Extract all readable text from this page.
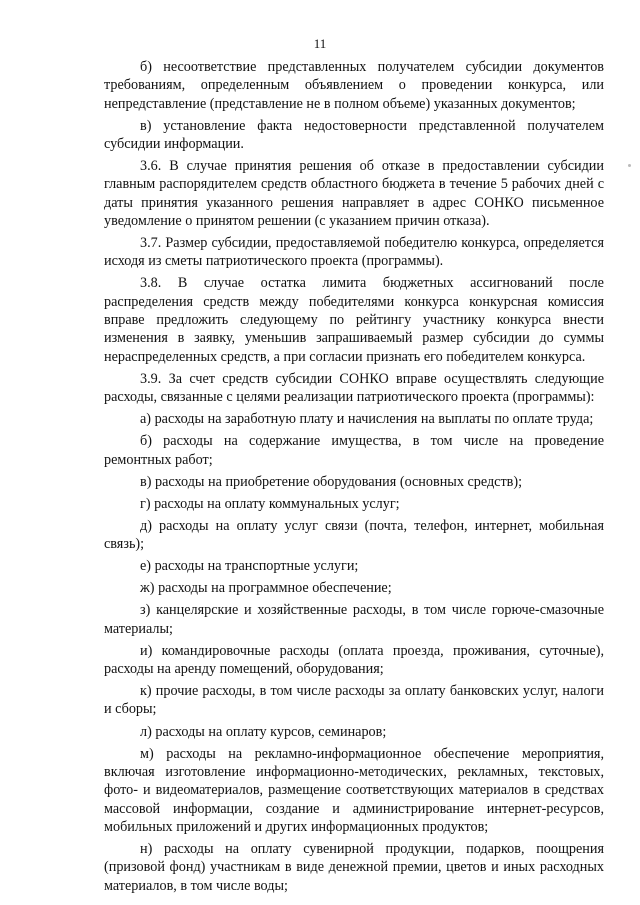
11

б) несоответствие представленных получателем субсидии документов требованиям, определенным объявлением о проведении конкурса, или непредставление (представление не в полном объеме) указанных документов;

в) установление факта недостоверности представленной получателем субсидии информации.

3.6. В случае принятия решения об отказе в предоставлении субсидии главным распорядителем средств областного бюджета в течение 5 рабочих дней с даты принятия указанного решения направляет в адрес СОНКО письменное уведомление о принятом решении (с указанием причин отказа).

3.7. Размер субсидии, предоставляемой победителю конкурса, определяется исходя из сметы патриотического проекта (программы).

3.8. В случае остатка лимита бюджетных ассигнований после распределения средств между победителями конкурса конкурсная комиссия вправе предложить следующему по рейтингу участнику конкурса внести изменения в заявку, уменьшив запрашиваемый размер субсидии до суммы нераспределенных средств, а при согласии признать его победителем конкурса.

3.9. За счет средств субсидии СОНКО вправе осуществлять следующие расходы, связанные с целями реализации патриотического проекта (программы):

а) расходы на заработную плату и начисления на выплаты по оплате труда;

б) расходы на содержание имущества, в том числе на проведение ремонтных работ;

в) расходы на приобретение оборудования (основных средств);

г) расходы на оплату коммунальных услуг;

д) расходы на оплату услуг связи (почта, телефон, интернет, мобильная связь);

е) расходы на транспортные услуги;

ж) расходы на программное обеспечение;

з) канцелярские и хозяйственные расходы, в том числе горюче-смазочные материалы;

и) командировочные расходы (оплата проезда, проживания, суточные), расходы на аренду помещений, оборудования;

к) прочие расходы, в том числе расходы за оплату банковских услуг, налоги и сборы;

л) расходы на оплату курсов, семинаров;

м) расходы на рекламно-информационное обеспечение мероприятия, включая изготовление информационно-методических, рекламных, текстовых, фото- и видеоматериалов, размещение соответствующих материалов в средствах массовой информации, создание и администрирование интернет-ресурсов, мобильных приложений и других информационных продуктов;

н) расходы на оплату сувенирной продукции, подарков, поощрения (призовой фонд) участникам в виде денежной премии, цветов и иных расходных материалов, в том числе воды;
